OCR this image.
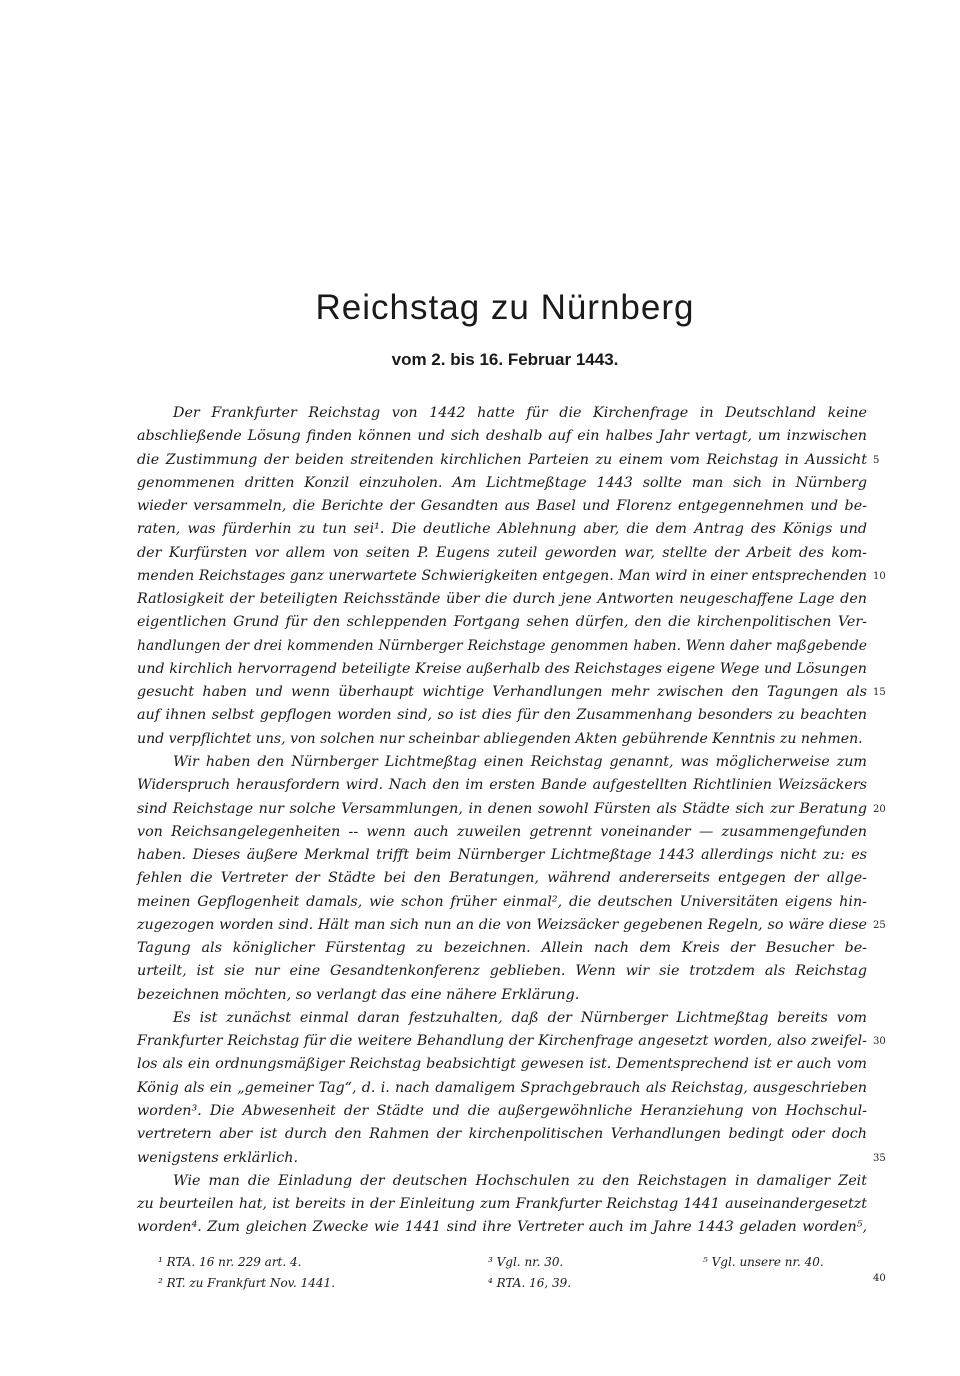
Reichstag zu Nürnberg
vom 2. bis 16. Februar 1443.
Der Frankfurter Reichstag von 1442 hatte für die Kirchenfrage in Deutschland keine
abschließende Lösung finden können und sich deshalb auf ein halbes Jahr vertagt, um inzwischen
die Zustimmung der beiden streitenden kirchlichen Parteien zu einem vom Reichstag in Aussicht 5
genommenen dritten Konzil einzuholen. Am Lichtmeßtage 1443 sollte man sich in Nürnberg
wieder versammeln, die Berichte der Gesandten aus Basel und Florenz entgegennehmen und be-
raten, was fürderhin zu tun sei¹. Die deutliche Ablehnung aber, die dem Antrag des Königs und
der Kurfürsten vor allem von seiten P. Eugens zuteil geworden war, stellte der Arbeit des kom-
menden Reichstages ganz unerwartete Schwierigkeiten entgegen. Man wird in einer entsprechenden 10
Ratlosigkeit der beteiligten Reichsstände über die durch jene Antworten neugeschaffene Lage den
eigentlichen Grund für den schleppenden Fortgang sehen dürfen, den die kirchenpolitischen Ver-
handlungen der drei kommenden Nürnberger Reichstage genommen haben. Wenn daher maßgebende
und kirchlich hervorragend beteiligte Kreise außerhalb des Reichstages eigene Wege und Lösungen
gesucht haben und wenn überhaupt wichtige Verhandlungen mehr zwischen den Tagungen als 15
auf ihnen selbst gepflogen worden sind, so ist dies für den Zusammenhang besonders zu beachten
und verpflichtet uns, von solchen nur scheinbar abliegenden Akten gebührende Kenntnis zu nehmen.
Wir haben den Nürnberger Lichtmeßtag einen Reichstag genannt, was möglicherweise zum
Widerspruch herausfordern wird. Nach den im ersten Bande aufgestellten Richtlinien Weizsäckers
sind Reichstage nur solche Versammlungen, in denen sowohl Fürsten als Städte sich zur Beratung 20
von Reichsangelegenheiten -- wenn auch zuweilen getrennt voneinander — zusammengefunden
haben. Dieses äußere Merkmal trifft beim Nürnberger Lichtmeßtage 1443 allerdings nicht zu: es
fehlen die Vertreter der Städte bei den Beratungen, während andererseits entgegen der allge-
meinen Gepflogenheit damals, wie schon früher einmal², die deutschen Universitäten eigens hin-
zugezogen worden sind. Hält man sich nun an die von Weizsäcker gegebenen Regeln, so wäre diese 25
Tagung als königlicher Fürstentag zu bezeichnen. Allein nach dem Kreis der Besucher be-
urteilt, ist sie nur eine Gesandtenkonferenz geblieben. Wenn wir sie trotzdem als Reichstag
bezeichnen möchten, so verlangt das eine nähere Erklärung.
Es ist zunächst einmal daran festzuhalten, daß der Nürnberger Lichtmeßtag bereits vom
Frankfurter Reichstag für die weitere Behandlung der Kirchenfrage angesetzt worden, also zweifel- 30
los als ein ordnungsmäßiger Reichstag beabsichtigt gewesen ist. Dementsprechend ist er auch vom
König als ein „gemeiner Tag“, d. i. nach damaligem Sprachgebrauch als Reichstag, ausgeschrieben
worden³. Die Abwesenheit der Städte und die außergewöhnliche Heranziehung von Hochschul-
vertretern aber ist durch den Rahmen der kirchenpolitischen Verhandlungen bedingt oder doch
wenigstens erklärlich.	35
Wie man die Einladung der deutschen Hochschulen zu den Reichstagen in damaliger Zeit
zu beurteilen hat, ist bereits in der Einleitung zum Frankfurter Reichstag 1441 auseinandergesetzt
worden⁴. Zum gleichen Zwecke wie 1441 sind ihre Vertreter auch im Jahre 1443 geladen worden⁵,
¹ RTA. 16 nr. 229 art. 4.
² RT. zu Frankfurt Nov. 1441.
³ Vgl. nr. 30.
⁴ RTA. 16, 39.
⁵ Vgl. unsere nr. 40.
40
